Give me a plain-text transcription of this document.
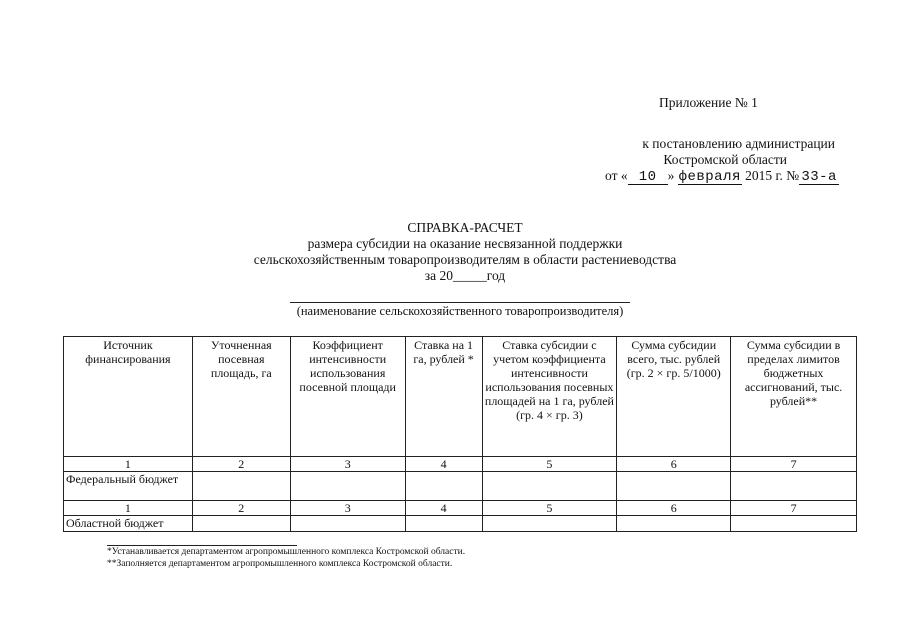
Приложение № 1
к постановлению администрации
Костромской области
от « 10 » февраля 2015 г. № 33-а
СПРАВКА-РАСЧЕТ
размера субсидии на оказание несвязанной поддержки
сельскохозяйственным товаропроизводителям в области растениеводства
за 20_____год
(наименование сельскохозяйственного товаропроизводителя)
Источник финансирования	Уточненная посевная площадь, га	Коэффициент интенсивности использования посевной площади	Ставка на 1 га, рублей *	Ставка субсидии с учетом коэффициента интенсивности использования посевных площадей на 1 га, рублей (гр. 4 × гр. 3)	Сумма субсидии всего, тыс. рублей (гр. 2 × гр. 5/1000)	Сумма субсидии в пределах лимитов бюджетных ассигнований, тыс. рублей**
1	2	3	4	5	6	7
Федеральный бюджет						
1	2	3	4	5	6	7
Областной бюджет						
*Устанавливается департаментом агропромышленного комплекса Костромской области.
**Заполняется департаментом агропромышленного комплекса Костромской области.
